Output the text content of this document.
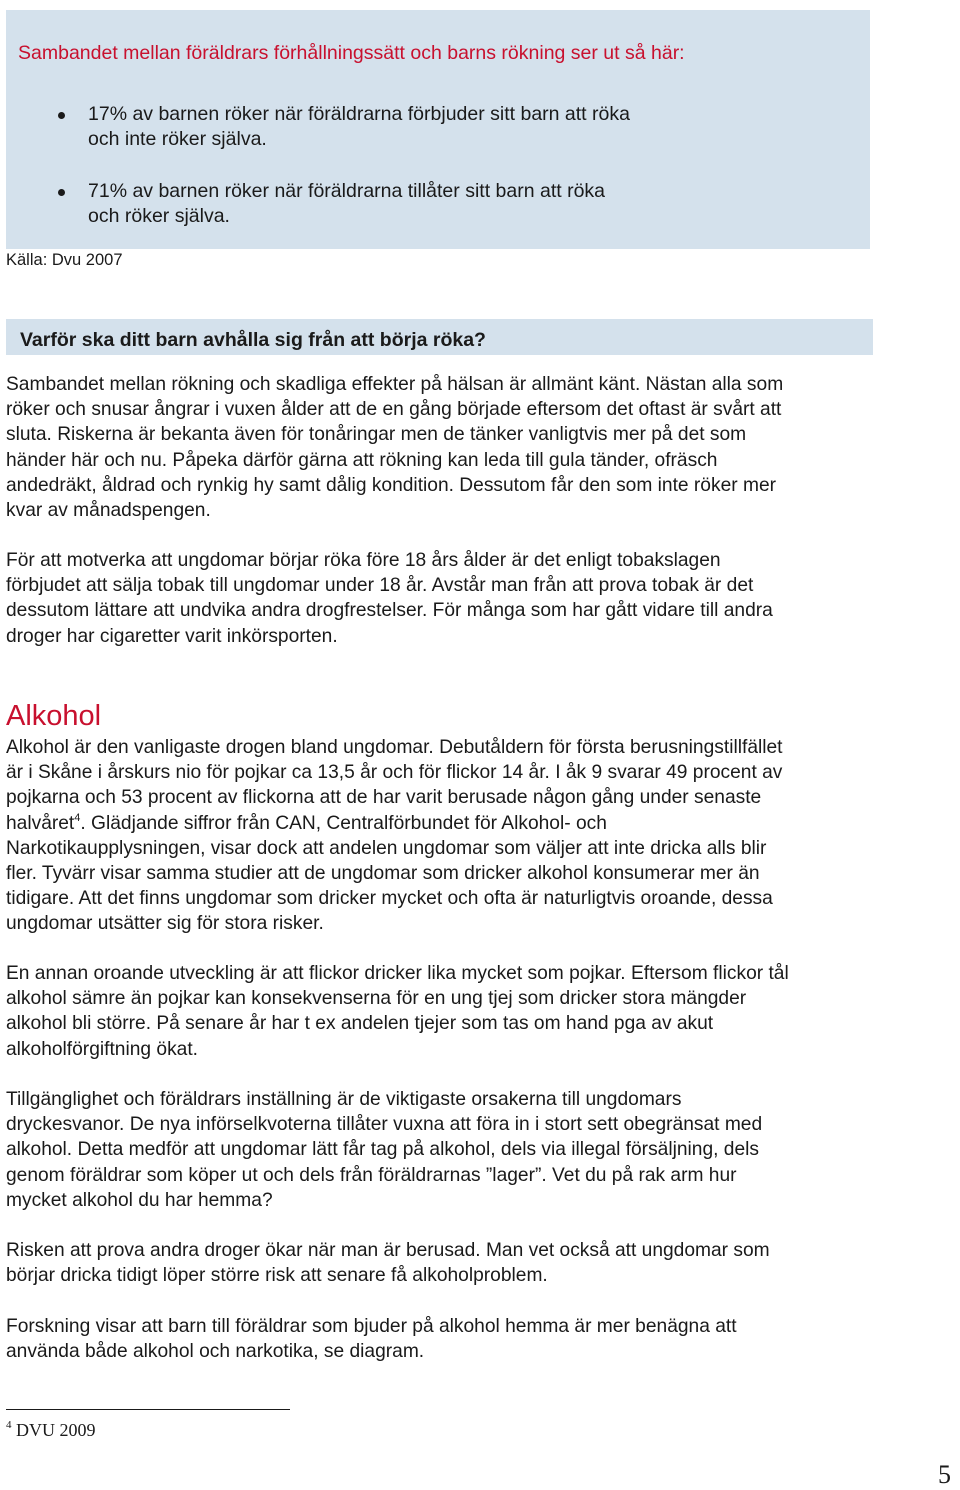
Sambandet mellan föräldrars förhållningssätt och barns rökning ser ut så här:
17% av barnen röker när föräldrarna förbjuder sitt barn att röka
och inte röker själva.
71% av barnen röker när föräldrarna tillåter sitt barn att röka
och röker själva.
Källa: Dvu 2007
Varför ska ditt barn avhålla sig från att börja röka?

Sambandet mellan rökning och skadliga effekter på hälsan är allmänt känt. Nästan alla som
röker och snusar ångrar i vuxen ålder att de en gång började eftersom det oftast är svårt att
sluta. Riskerna är bekanta även för tonåringar men de tänker vanligtvis mer på det som
händer här och nu. Påpeka därför gärna att rökning kan leda till gula tänder, ofräsch
andedräkt, åldrad och rynkig hy samt dålig kondition. Dessutom får den som inte röker mer
kvar av månadspengen.

För att motverka att ungdomar börjar röka före 18 års ålder är det enligt tobakslagen
förbjudet att sälja tobak till ungdomar under 18 år. Avstår man från att prova tobak är det
dessutom lättare att undvika andra drogfrestelser. För många som har gått vidare till andra
droger har cigaretter varit inkörsporten.

Alkohol

Alkohol är den vanligaste drogen bland ungdomar. Debutåldern för första berusningstillfället
är i Skåne i årskurs nio för pojkar ca 13,5 år och för flickor 14 år. I åk 9 svarar 49 procent av
pojkarna och 53 procent av flickorna att de har varit berusade någon gång under senaste
halvåret$^4$. Glädjande siffror från CAN, Centralförbundet för Alkohol- och
Narkotikaupplysningen, visar dock att andelen ungdomar som väljer att inte dricka alls blir
fler. Tyvärr visar samma studier att de ungdomar som dricker alkohol konsumerar mer än
tidigare. Att det finns ungdomar som dricker mycket och ofta är naturligtvis oroande, dessa
ungdomar utsätter sig för stora risker.

En annan oroande utveckling är att flickor dricker lika mycket som pojkar. Eftersom flickor tål
alkohol sämre än pojkar kan konsekvenserna för en ung tjej som dricker stora mängder
alkohol bli större. På senare år har t ex andelen tjejer som tas om hand pga av akut
alkoholförgiftning ökat.

Tillgänglighet och föräldrars inställning är de viktigaste orsakerna till ungdomars
dryckesvanor. De nya införselkvoterna tillåter vuxna att föra in i stort sett obegränsat med
alkohol. Detta medför att ungdomar lätt får tag på alkohol, dels via illegal försäljning, dels
genom föräldrar som köper ut och dels från föräldrarnas ”lager”. Vet du på rak arm hur
mycket alkohol du har hemma?

Risken att prova andra droger ökar när man är berusad. Man vet också att ungdomar som
börjar dricka tidigt löper större risk att senare få alkoholproblem.

Forskning visar att barn till föräldrar som bjuder på alkohol hemma är mer benägna att
använda både alkohol och narkotika, se diagram.

$^4$ DVU 2009
5
